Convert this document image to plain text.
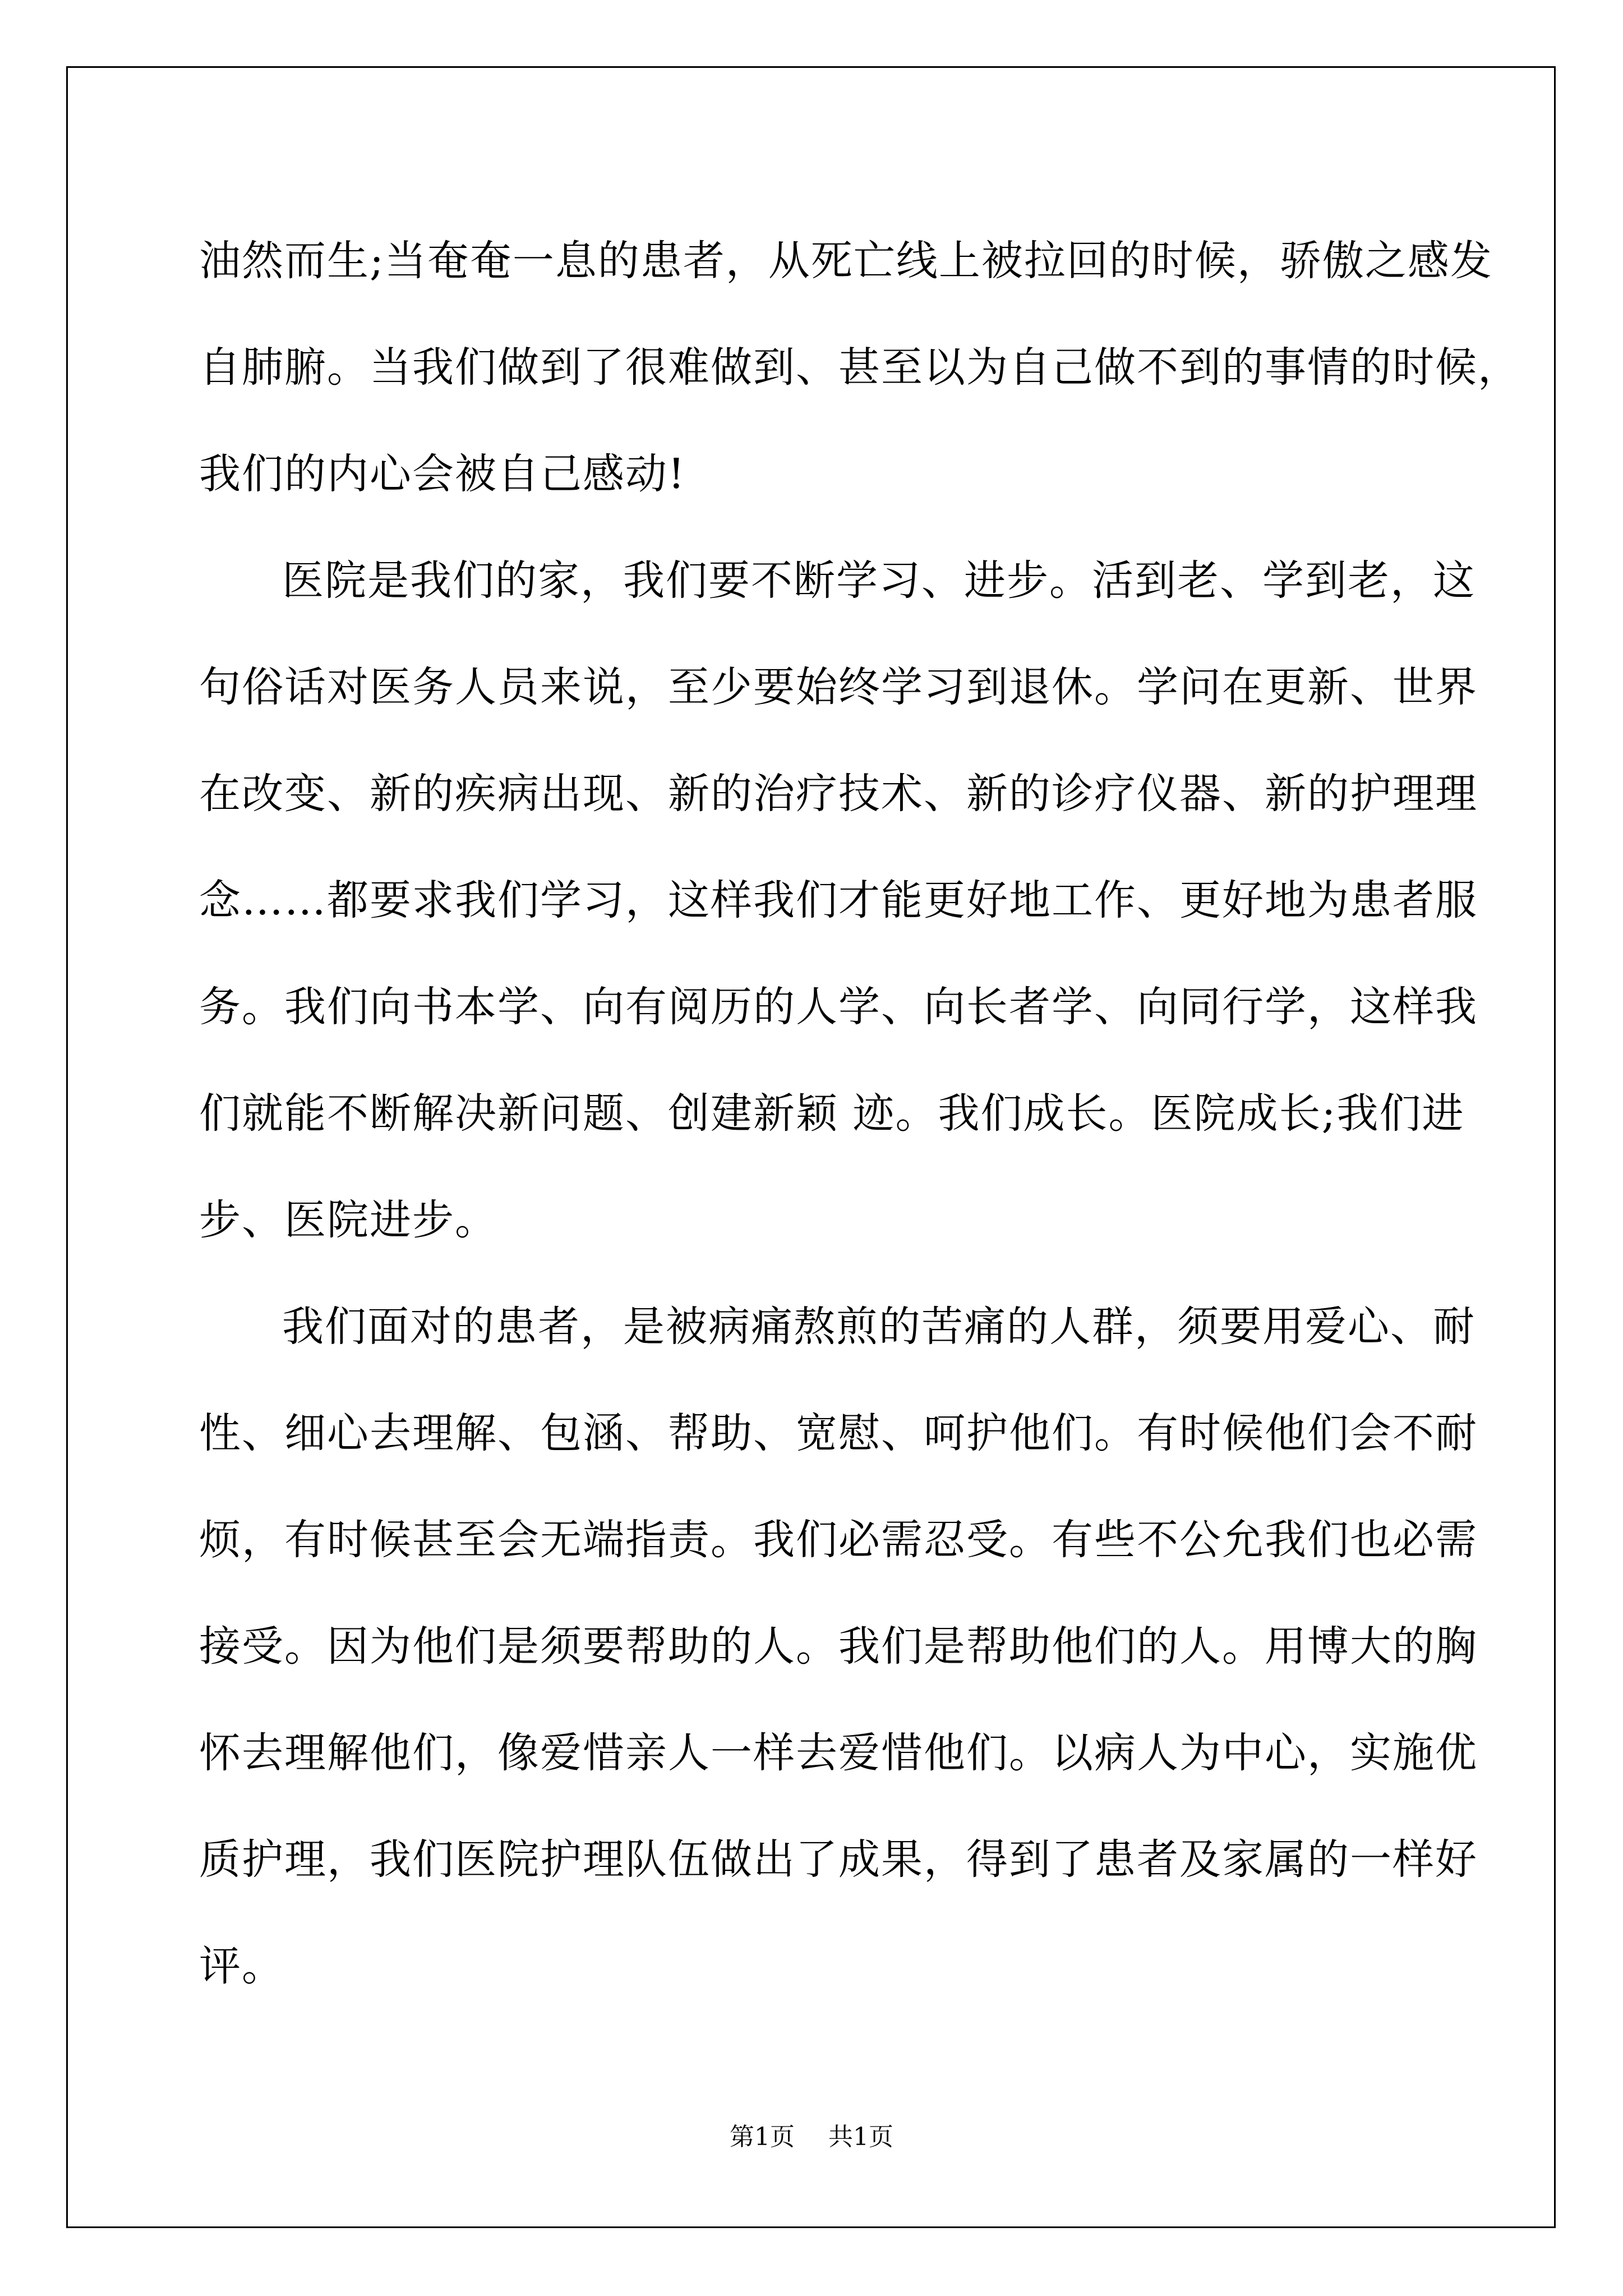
油然而生;当奄奄一息的患者，从死亡线上被拉回的时候，骄傲之感发
自肺腑。当我们做到了很难做到、甚至以为自己做不到的事情的时候，
我们的内心会被自己感动!
医院是我们的家，我们要不断学习、进步。活到老、学到老，这
句俗话对医务人员来说，至少要始终学习到退休。学问在更新、世界
在改变、新的疾病出现、新的治疗技术、新的诊疗仪器、新的护理理
念……都要求我们学习，这样我们才能更好地工作、更好地为患者服
务。我们向书本学、向有阅历的人学、向长者学、向同行学，这样我
们就能不断解决新问题、创建新颖 迹。我们成长。医院成长;我们进
步、医院进步。
我们面对的患者，是被病痛熬煎的苦痛的人群，须要用爱心、耐
性、细心去理解、包涵、帮助、宽慰、呵护他们。有时候他们会不耐
烦，有时候甚至会无端指责。我们必需忍受。有些不公允我们也必需
接受。因为他们是须要帮助的人。我们是帮助他们的人。用博大的胸
怀去理解他们，像爱惜亲人一样去爱惜他们。以病人为中心，实施优
质护理，我们医院护理队伍做出了成果，得到了患者及家属的一样好
评。
第1页 共1页
